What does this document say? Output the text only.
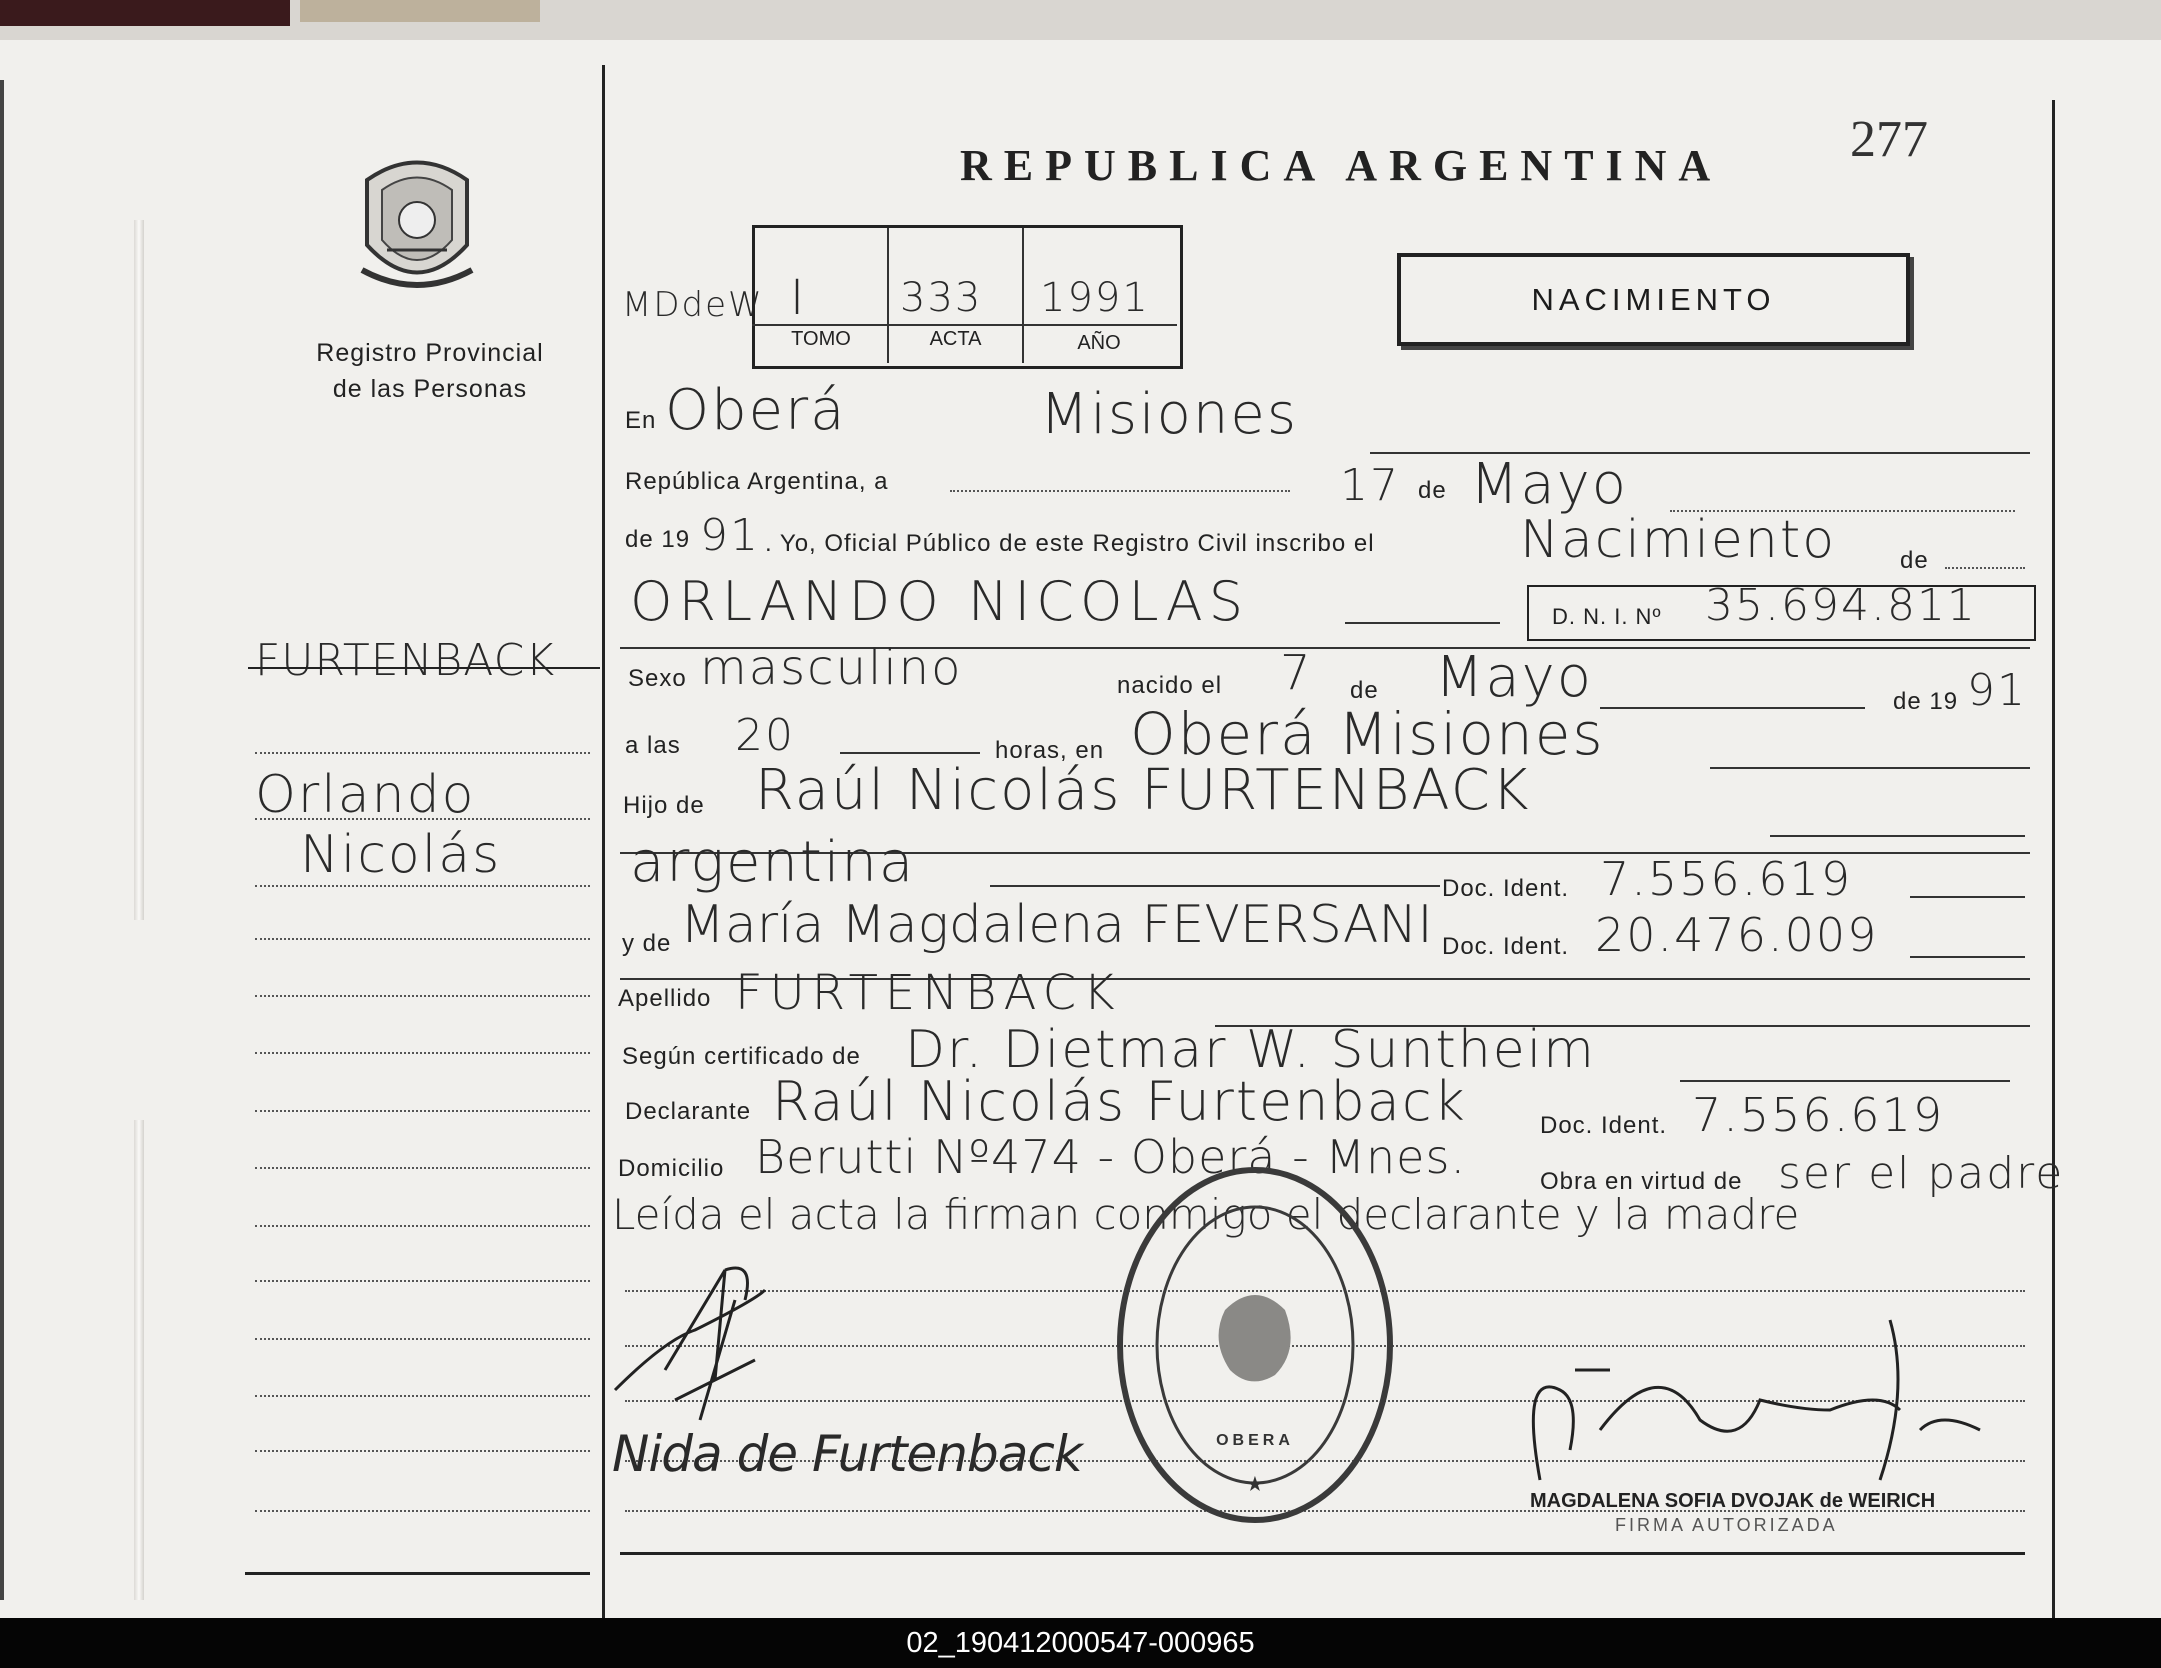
Registro Provincial
de las Personas
REPUBLICA ARGENTINA 277
MDdeW I 333 1991
TOMO	ACTA	AÑO
NACIMIENTO
FURTENBACK
Orlando
Nicolás
En Oberá	Misiones
República Argentina, a	17 de Mayo
de 19 91 . Yo, Oficial Público de este Registro Civil inscribo el	Nacimiento	de
ORLANDO NICOLAS	D. N. I. Nº 35.694.811
Sexo masculino	nacido el 7 de Mayo	de 19 91
a las 20	horas, en Oberá Misiones
Hijo de Raúl Nicolás FURTENBACK
argentina	Doc. Ident. 7.556.619
y de María Magdalena FEVERSANI Doc. Ident. 20.476.009
Apellido FURTENBACK
Según certificado de Dr. Dietmar W. Suntheim
Declarante Raúl Nicolás Furtenback	Doc. Ident. 7.556.619
Domicilio Berutti Nº474 - Oberá - Mnes.	Obra en virtud de ser el padre
Leída el acta la firman conmigo el declarante y la madre
Nida de Furtenback
★
OBERA
MAGDALENA SOFIA DVOJAK de WEIRICH
FIRMA AUTORIZADA
02_190412000547-000965
